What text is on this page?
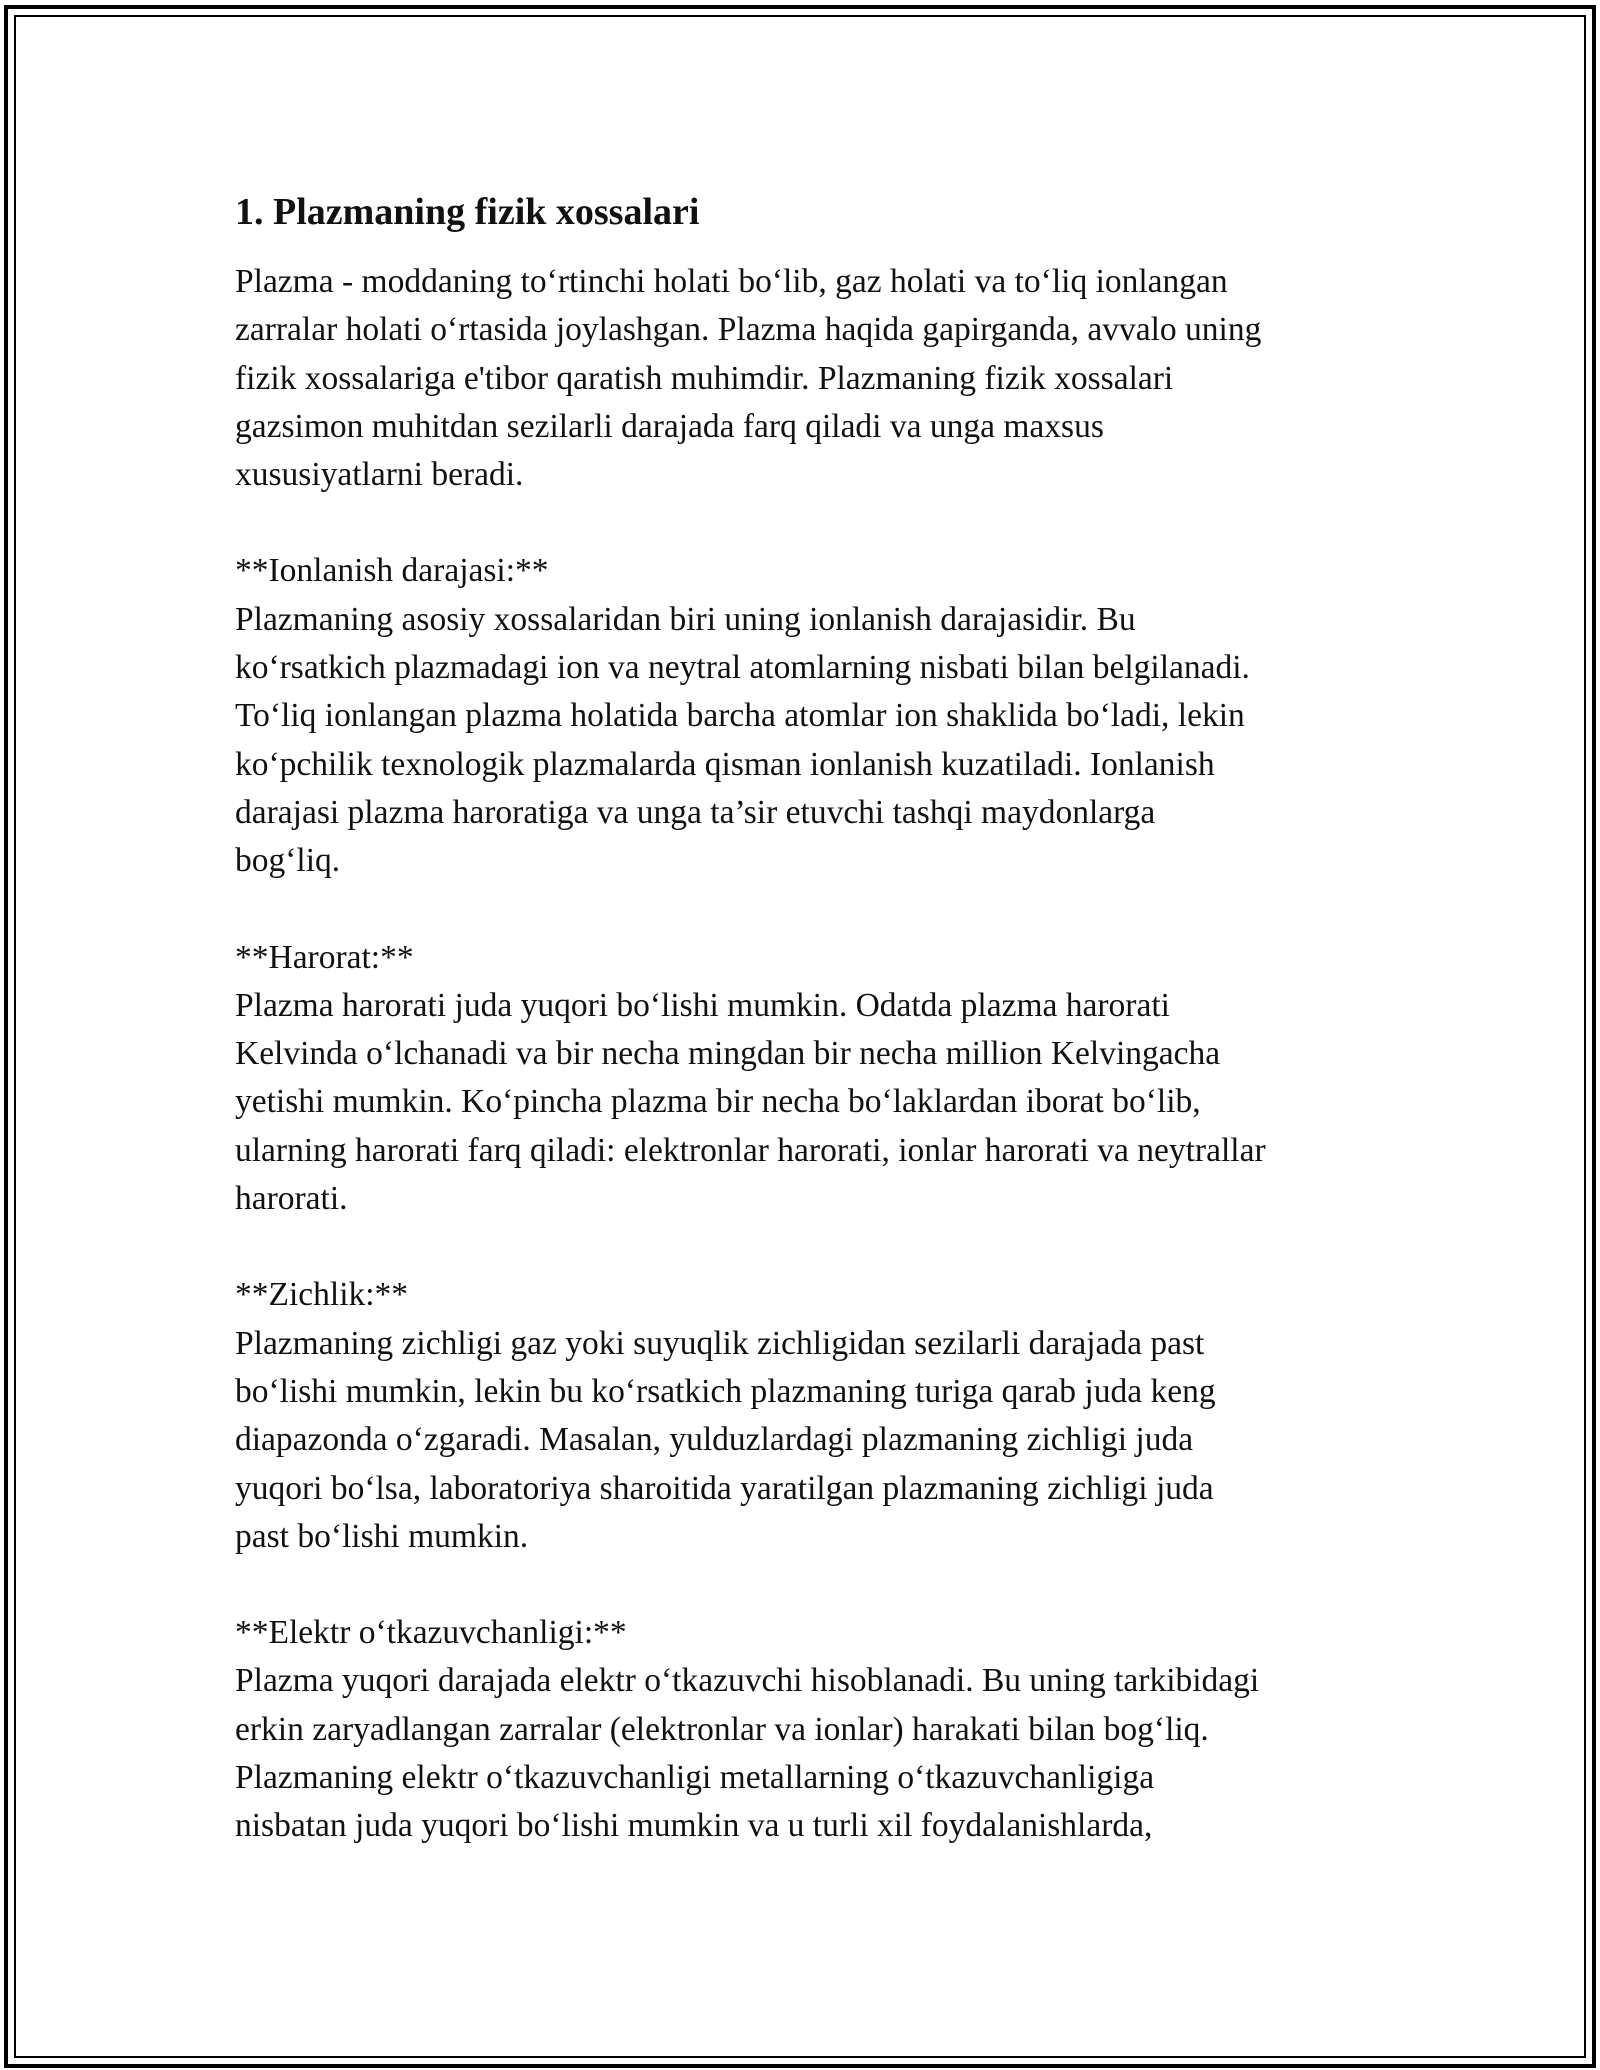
1. Plazmaning fizik xossalari
Plazma - moddaning to‘rtinchi holati bo‘lib, gaz holati va to‘liq ionlangan
zarralar holati o‘rtasida joylashgan. Plazma haqida gapirganda, avvalo uning
fizik xossalariga e'tibor qaratish muhimdir. Plazmaning fizik xossalari
gazsimon muhitdan sezilarli darajada farq qiladi va unga maxsus
xususiyatlarni beradi.
**Ionlanish darajasi:**
Plazmaning asosiy xossalaridan biri uning ionlanish darajasidir. Bu
ko‘rsatkich plazmadagi ion va neytral atomlarning nisbati bilan belgilanadi.
To‘liq ionlangan plazma holatida barcha atomlar ion shaklida bo‘ladi, lekin
ko‘pchilik texnologik plazmalarda qisman ionlanish kuzatiladi. Ionlanish
darajasi plazma haroratiga va unga ta’sir etuvchi tashqi maydonlarga
bog‘liq.
**Harorat:**
Plazma harorati juda yuqori bo‘lishi mumkin. Odatda plazma harorati
Kelvinda o‘lchanadi va bir necha mingdan bir necha million Kelvingacha
yetishi mumkin. Ko‘pincha plazma bir necha bo‘laklardan iborat bo‘lib,
ularning harorati farq qiladi: elektronlar harorati, ionlar harorati va neytrallar
harorati.
**Zichlik:**
Plazmaning zichligi gaz yoki suyuqlik zichligidan sezilarli darajada past
bo‘lishi mumkin, lekin bu ko‘rsatkich plazmaning turiga qarab juda keng
diapazonda o‘zgaradi. Masalan, yulduzlardagi plazmaning zichligi juda
yuqori bo‘lsa, laboratoriya sharoitida yaratilgan plazmaning zichligi juda
past bo‘lishi mumkin.
**Elektr o‘tkazuvchanligi:**
Plazma yuqori darajada elektr o‘tkazuvchi hisoblanadi. Bu uning tarkibidagi
erkin zaryadlangan zarralar (elektronlar va ionlar) harakati bilan bog‘liq.
Plazmaning elektr o‘tkazuvchanligi metallarning o‘tkazuvchanligiga
nisbatan juda yuqori bo‘lishi mumkin va u turli xil foydalanishlarda,
